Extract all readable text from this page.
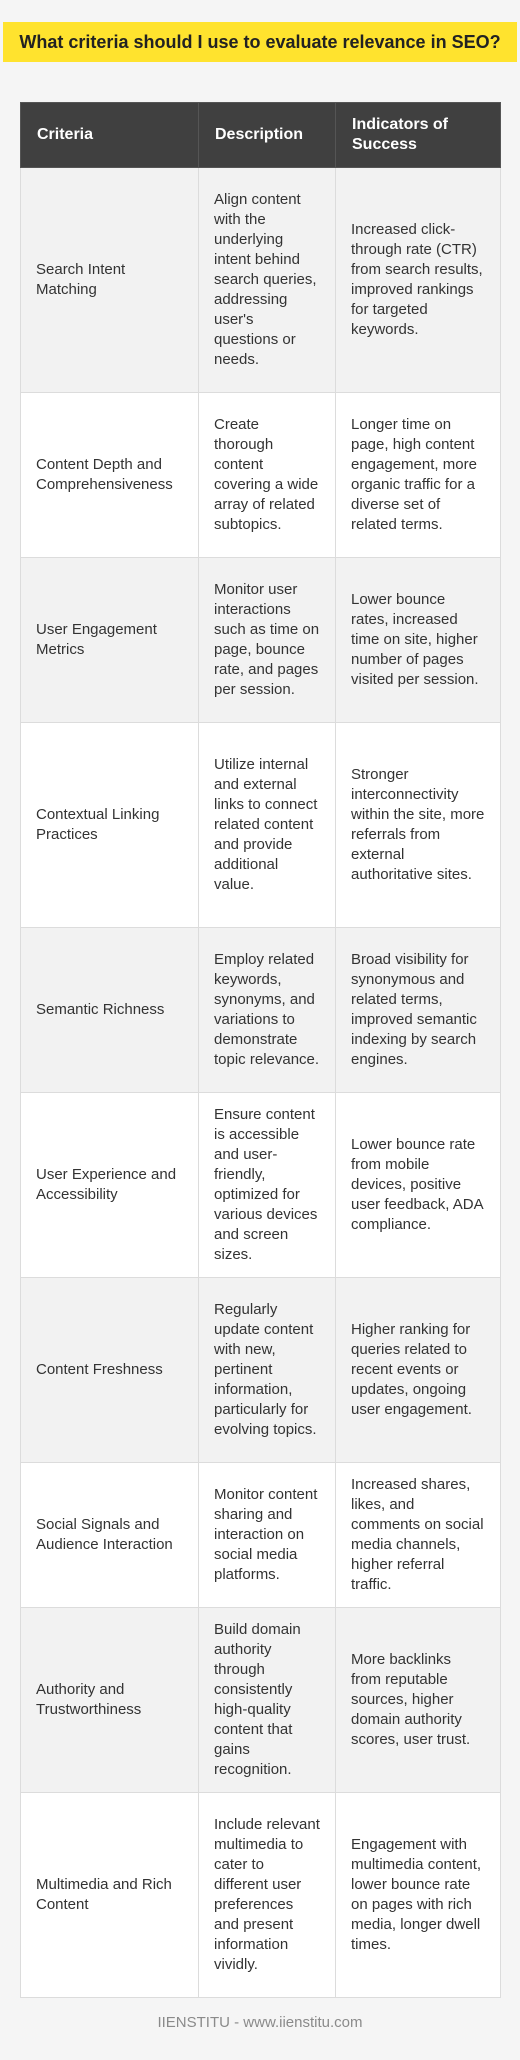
What criteria should I use to evaluate relevance in SEO?
Criteria	Description	Indicators of Success
Search Intent Matching	Align content with the underlying intent behind search queries, addressing user's questions or needs.	Increased click-through rate (CTR) from search results, improved rankings for targeted keywords.
Content Depth and Comprehensiveness	Create thorough content covering a wide array of related subtopics.	Longer time on page, high content engagement, more organic traffic for a diverse set of related terms.
User Engagement Metrics	Monitor user interactions such as time on page, bounce rate, and pages per session.	Lower bounce rates, increased time on site, higher number of pages visited per session.
Contextual Linking Practices	Utilize internal and external links to connect related content and provide additional value.	Stronger interconnectivity within the site, more referrals from external authoritative sites.
Semantic Richness	Employ related keywords, synonyms, and variations to demonstrate topic relevance.	Broad visibility for synonymous and related terms, improved semantic indexing by search engines.
User Experience and Accessibility	Ensure content is accessible and user-friendly, optimized for various devices and screen sizes.	Lower bounce rate from mobile devices, positive user feedback, ADA compliance.
Content Freshness	Regularly update content with new, pertinent information, particularly for evolving topics.	Higher ranking for queries related to recent events or updates, ongoing user engagement.
Social Signals and Audience Interaction	Monitor content sharing and interaction on social media platforms.	Increased shares, likes, and comments on social media channels, higher referral traffic.
Authority and Trustworthiness	Build domain authority through consistently high-quality content that gains recognition.	More backlinks from reputable sources, higher domain authority scores, user trust.
Multimedia and Rich Content	Include relevant multimedia to cater to different user preferences and present information vividly.	Engagement with multimedia content, lower bounce rate on pages with rich media, longer dwell times.
IIENSTITU - www.iienstitu.com
